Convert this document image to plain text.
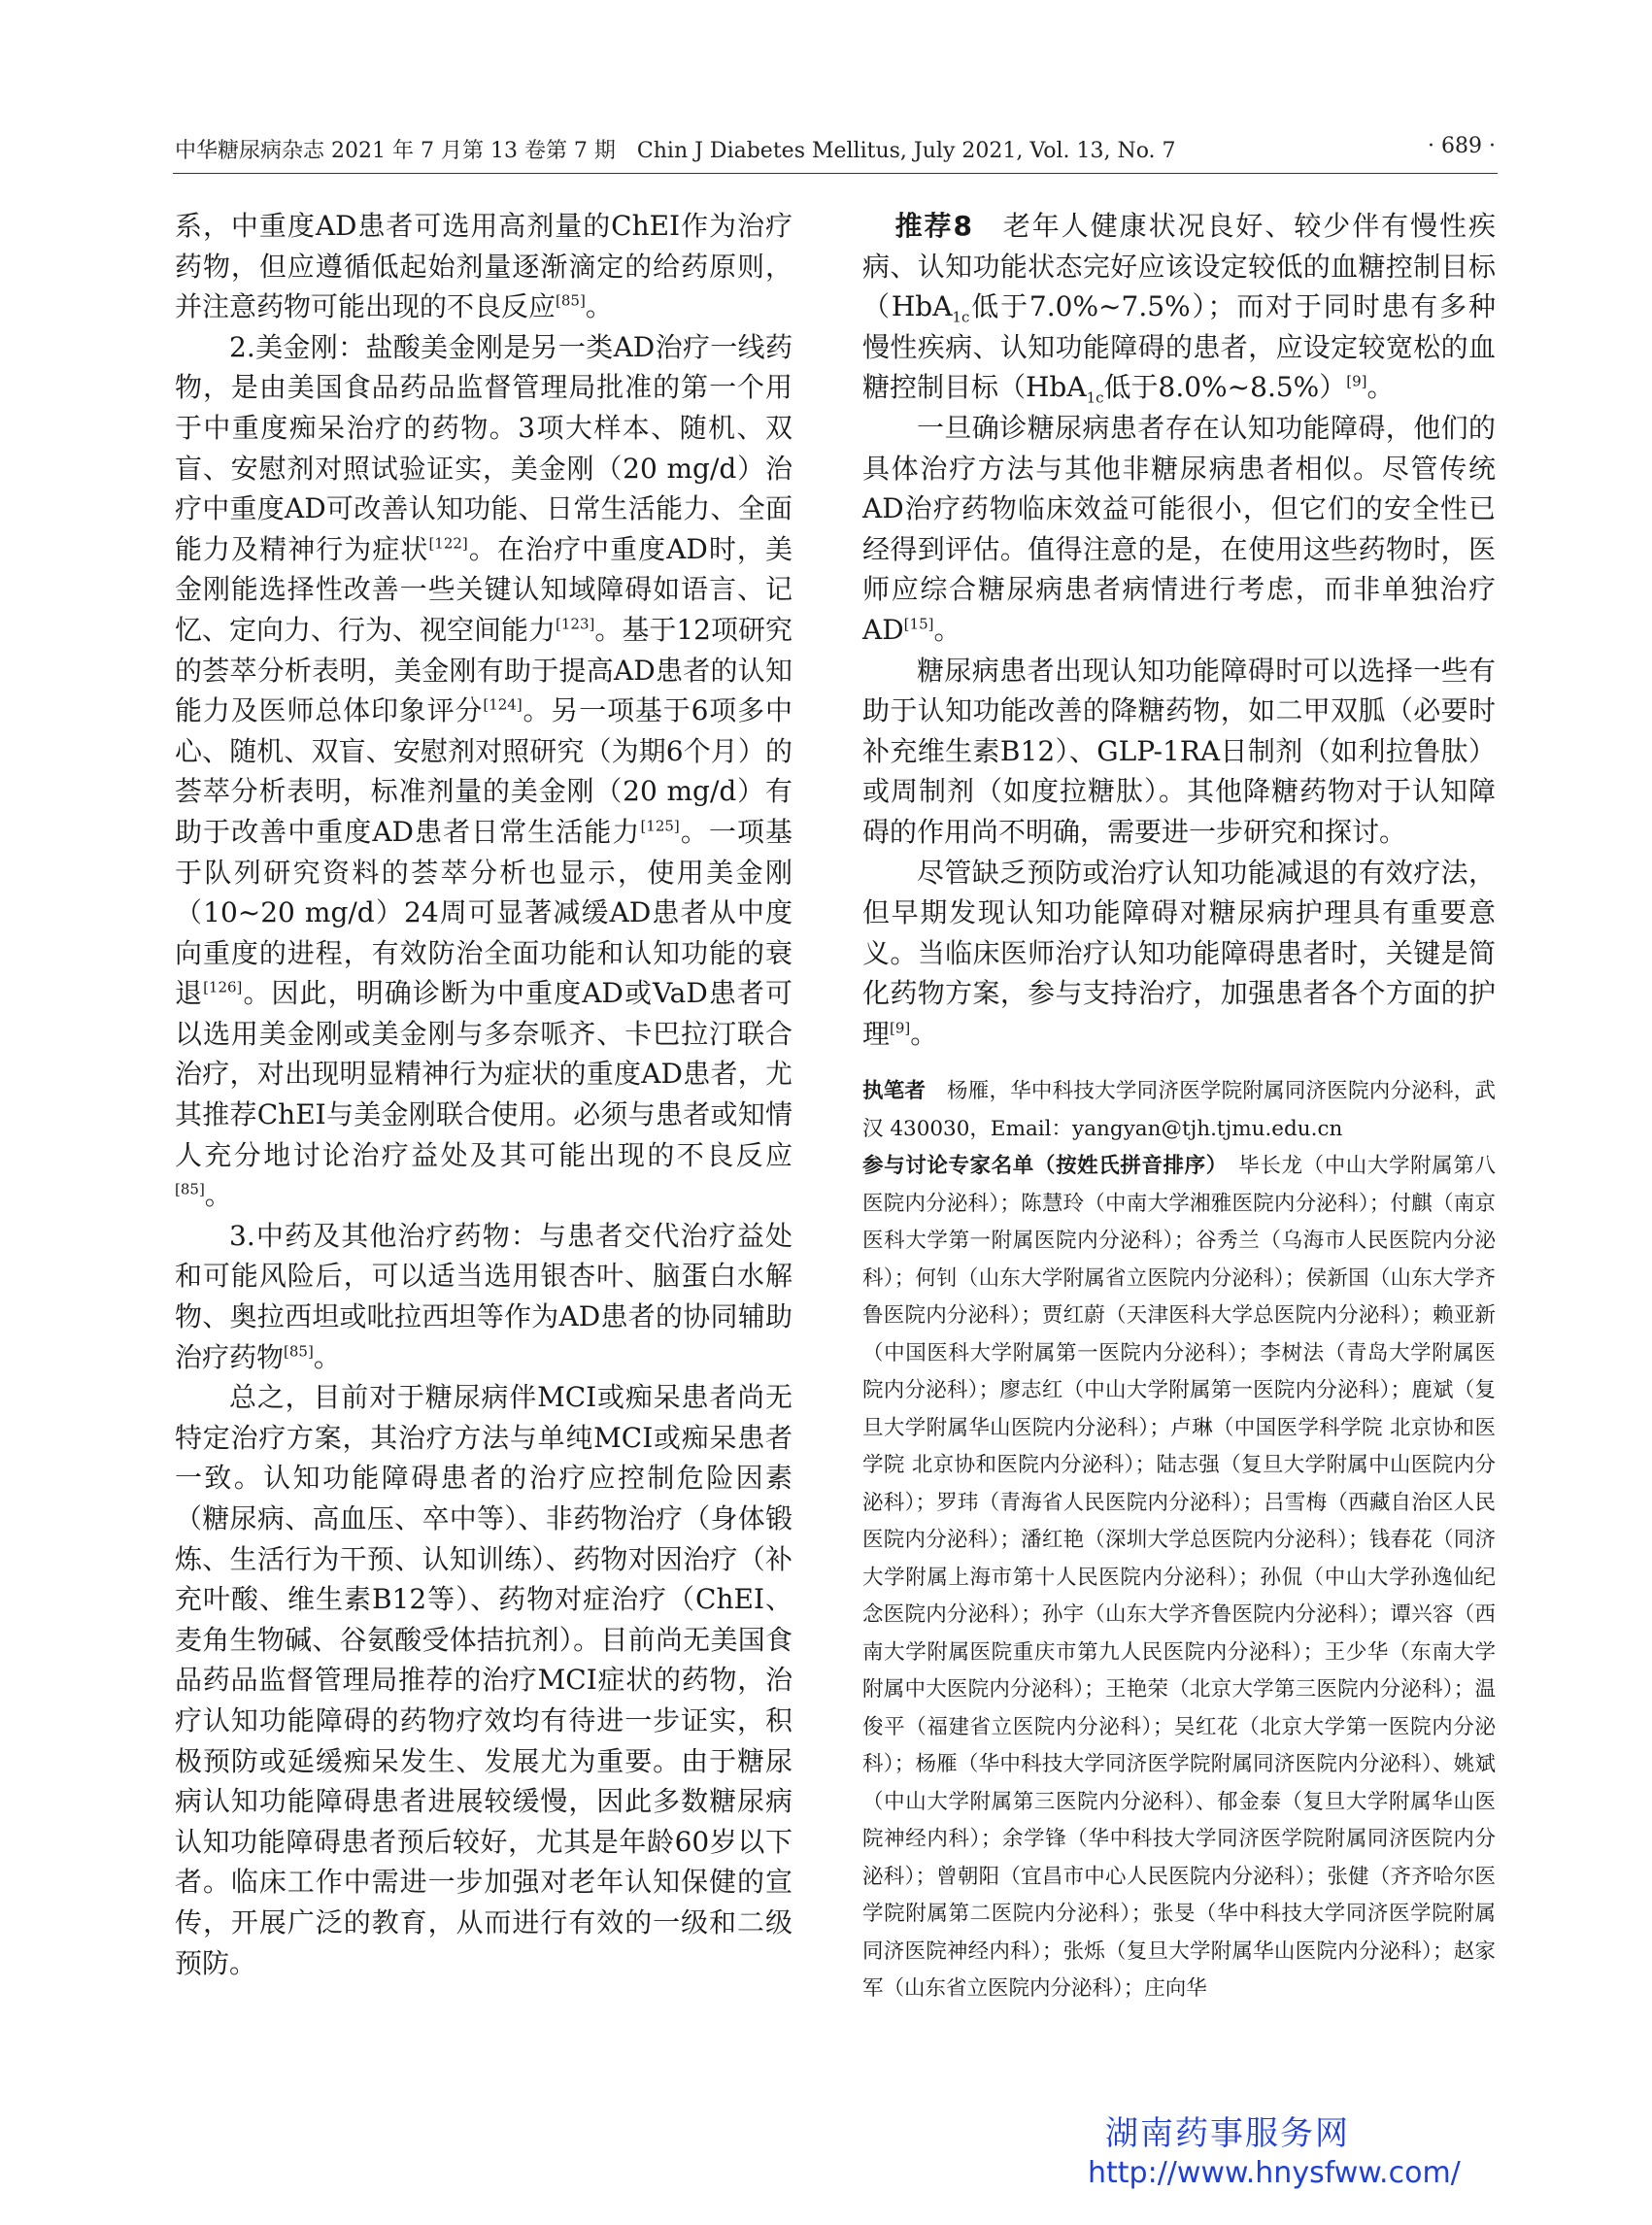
中华糖尿病杂志 2021 年 7 月第 13 卷第 7 期　Chin J Diabetes Mellitus, July 2021, Vol. 13, No. 7	· 689 ·

系，中重度AD患者可选用高剂量的ChEI作为治疗药物，但应遵循低起始剂量逐渐滴定的给药原则，并注意药物可能出现的不良反应[85]。

2.美金刚：盐酸美金刚是另一类AD治疗一线药物，是由美国食品药品监督管理局批准的第一个用于中重度痴呆治疗的药物。3项大样本、随机、双盲、安慰剂对照试验证实，美金刚（20 mg/d）治疗中重度AD可改善认知功能、日常生活能力、全面能力及精神行为症状[122]。在治疗中重度AD时，美金刚能选择性改善一些关键认知域障碍如语言、记忆、定向力、行为、视空间能力[123]。基于12项研究的荟萃分析表明，美金刚有助于提高AD患者的认知能力及医师总体印象评分[124]。另一项基于6项多中心、随机、双盲、安慰剂对照研究（为期6个月）的荟萃分析表明，标准剂量的美金刚（20 mg/d）有助于改善中重度AD患者日常生活能力[125]。一项基于队列研究资料的荟萃分析也显示，使用美金刚（10~20 mg/d）24周可显著减缓AD患者从中度向重度的进程，有效防治全面功能和认知功能的衰退[126]。因此，明确诊断为中重度AD或VaD患者可以选用美金刚或美金刚与多奈哌齐、卡巴拉汀联合治疗，对出现明显精神行为症状的重度AD患者，尤其推荐ChEI与美金刚联合使用。必须与患者或知情人充分地讨论治疗益处及其可能出现的不良反应[85]。

3.中药及其他治疗药物：与患者交代治疗益处和可能风险后，可以适当选用银杏叶、脑蛋白水解物、奥拉西坦或吡拉西坦等作为AD患者的协同辅助治疗药物[85]。

总之，目前对于糖尿病伴MCI或痴呆患者尚无特定治疗方案，其治疗方法与单纯MCI或痴呆患者一致。认知功能障碍患者的治疗应控制危险因素（糖尿病、高血压、卒中等）、非药物治疗（身体锻炼、生活行为干预、认知训练）、药物对因治疗（补充叶酸、维生素B12等）、药物对症治疗（ChEI、麦角生物碱、谷氨酸受体拮抗剂）。目前尚无美国食品药品监督管理局推荐的治疗MCI症状的药物，治疗认知功能障碍的药物疗效均有待进一步证实，积极预防或延缓痴呆发生、发展尤为重要。由于糖尿病认知功能障碍患者进展较缓慢，因此多数糖尿病认知功能障碍患者预后较好，尤其是年龄60岁以下者。临床工作中需进一步加强对老年认知保健的宣传，开展广泛的教育，从而进行有效的一级和二级预防。

推荐8　老年人健康状况良好、较少伴有慢性疾病、认知功能状态完好应该设定较低的血糖控制目标（HbA$_{1c}$低于7.0%~7.5%）；而对于同时患有多种慢性疾病、认知功能障碍的患者，应设定较宽松的血糖控制目标（HbA$_{1c}$低于8.0%~8.5%）[9]。

一旦确诊糖尿病患者存在认知功能障碍，他们的具体治疗方法与其他非糖尿病患者相似。尽管传统AD治疗药物临床效益可能很小，但它们的安全性已经得到评估。值得注意的是，在使用这些药物时，医师应综合糖尿病患者病情进行考虑，而非单独治疗AD[15]。

糖尿病患者出现认知功能障碍时可以选择一些有助于认知功能改善的降糖药物，如二甲双胍（必要时补充维生素B12）、GLP-1RA日制剂（如利拉鲁肽）或周制剂（如度拉糖肽）。其他降糖药物对于认知障碍的作用尚不明确，需要进一步研究和探讨。

尽管缺乏预防或治疗认知功能减退的有效疗法，但早期发现认知功能障碍对糖尿病护理具有重要意义。当临床医师治疗认知功能障碍患者时，关键是简化药物方案，参与支持治疗，加强患者各个方面的护理[9]。

执笔者　杨雁，华中科技大学同济医学院附属同济医院内分泌科，武汉 430030，Email：yangyan@tjh.tjmu.edu.cn

参与讨论专家名单（按姓氏拼音排序）　毕长龙（中山大学附属第八医院内分泌科）；陈慧玲（中南大学湘雅医院内分泌科）；付麒（南京医科大学第一附属医院内分泌科）；谷秀兰（乌海市人民医院内分泌科）；何钊（山东大学附属省立医院内分泌科）；侯新国（山东大学齐鲁医院内分泌科）；贾红蔚（天津医科大学总医院内分泌科）；赖亚新（中国医科大学附属第一医院内分泌科）；李树法（青岛大学附属医院内分泌科）；廖志红（中山大学附属第一医院内分泌科）；鹿斌（复旦大学附属华山医院内分泌科）；卢琳（中国医学科学院 北京协和医学院 北京协和医院内分泌科）；陆志强（复旦大学附属中山医院内分泌科）；罗玮（青海省人民医院内分泌科）；吕雪梅（西藏自治区人民医院内分泌科）；潘红艳（深圳大学总医院内分泌科）；钱春花（同济大学附属上海市第十人民医院内分泌科）；孙侃（中山大学孙逸仙纪念医院内分泌科）；孙宇（山东大学齐鲁医院内分泌科）；谭兴容（西南大学附属医院重庆市第九人民医院内分泌科）；王少华（东南大学附属中大医院内分泌科）；王艳荣（北京大学第三医院内分泌科）；温俊平（福建省立医院内分泌科）；吴红花（北京大学第一医院内分泌科）；杨雁（华中科技大学同济医学院附属同济医院内分泌科）、姚斌（中山大学附属第三医院内分泌科）、郁金泰（复旦大学附属华山医院神经内科）；余学锋（华中科技大学同济医学院附属同济医院内分泌科）；曾朝阳（宜昌市中心人民医院内分泌科）；张健（齐齐哈尔医学院附属第二医院内分泌科）；张旻（华中科技大学同济医学院附属同济医院神经内科）；张烁（复旦大学附属华山医院内分泌科）；赵家军（山东省立医院内分泌科）；庄向华

湖南药事服务网
http://www.hnysfww.com/
